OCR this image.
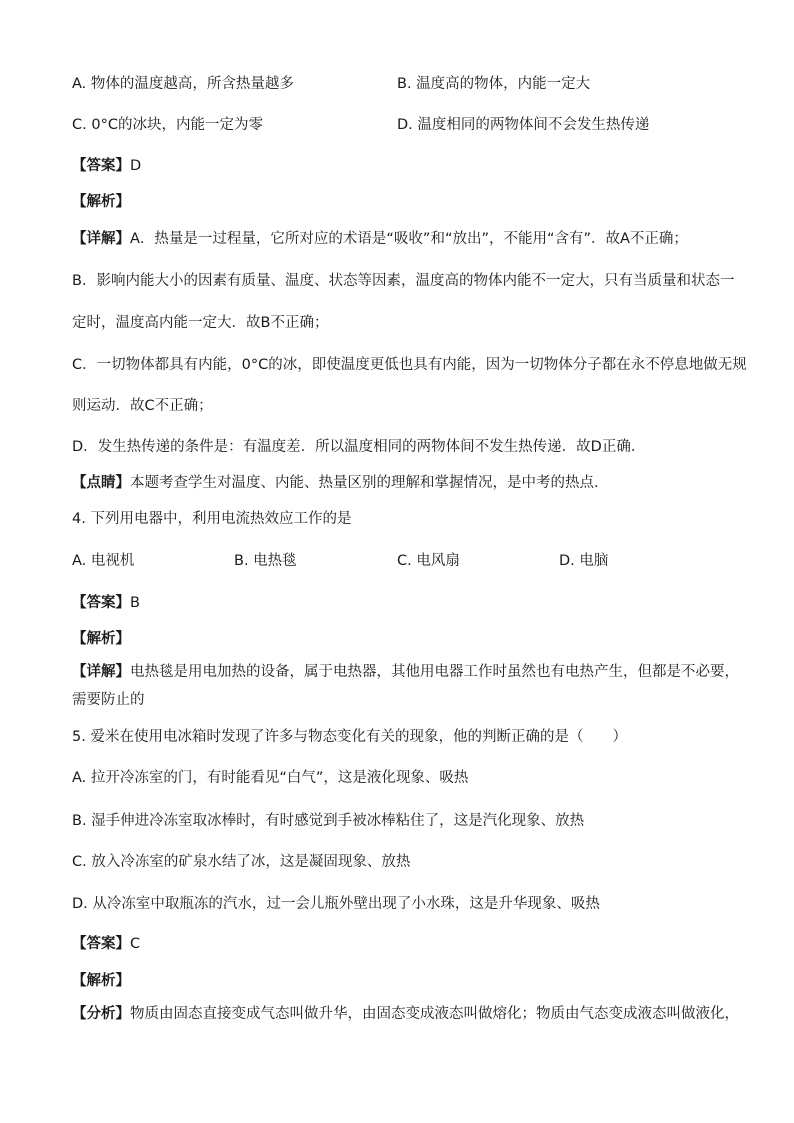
A. 物体的温度越高，所含热量越多	B. 温度高的物体，内能一定大
C. 0°C的冰块，内能一定为零	D. 温度相同的两物体间不会发生热传递
【答案】D
【解析】
【详解】A．热量是一过程量，它所对应的术语是“吸收”和“放出”，不能用“含有”．故A不正确；
B．影响内能大小的因素有质量、温度、状态等因素，温度高的物体内能不一定大，只有当质量和状态一
定时，温度高内能一定大．故B不正确；
C．一切物体都具有内能，0°C的冰，即使温度更低也具有内能，因为一切物体分子都在永不停息地做无规
则运动．故C不正确；
D．发生热传递的条件是：有温度差．所以温度相同的两物体间不发生热传递．故D正确．
【点睛】本题考查学生对温度、内能、热量区别的理解和掌握情况，是中考的热点．
4. 下列用电器中，利用电流热效应工作的是
A. 电视机	B. 电热毯	C. 电风扇	D. 电脑
【答案】B
【解析】
【详解】电热毯是用电加热的设备，属于电热器，其他用电器工作时虽然也有电热产生，但都是不必要，
需要防止的
5. 爱米在使用电冰箱时发现了许多与物态变化有关的现象，他的判断正确的是（　　）
A. 拉开冷冻室的门，有时能看见“白气”，这是液化现象、吸热
B. 湿手伸进冷冻室取冰棒时，有时感觉到手被冰棒粘住了，这是汽化现象、放热
C. 放入冷冻室的矿泉水结了冰，这是凝固现象、放热
D. 从冷冻室中取瓶冻的汽水，过一会儿瓶外壁出现了小水珠，这是升华现象、吸热
【答案】C
【解析】
【分析】物质由固态直接变成气态叫做升华，由固态变成液态叫做熔化；物质由气态变成液态叫做液化，
